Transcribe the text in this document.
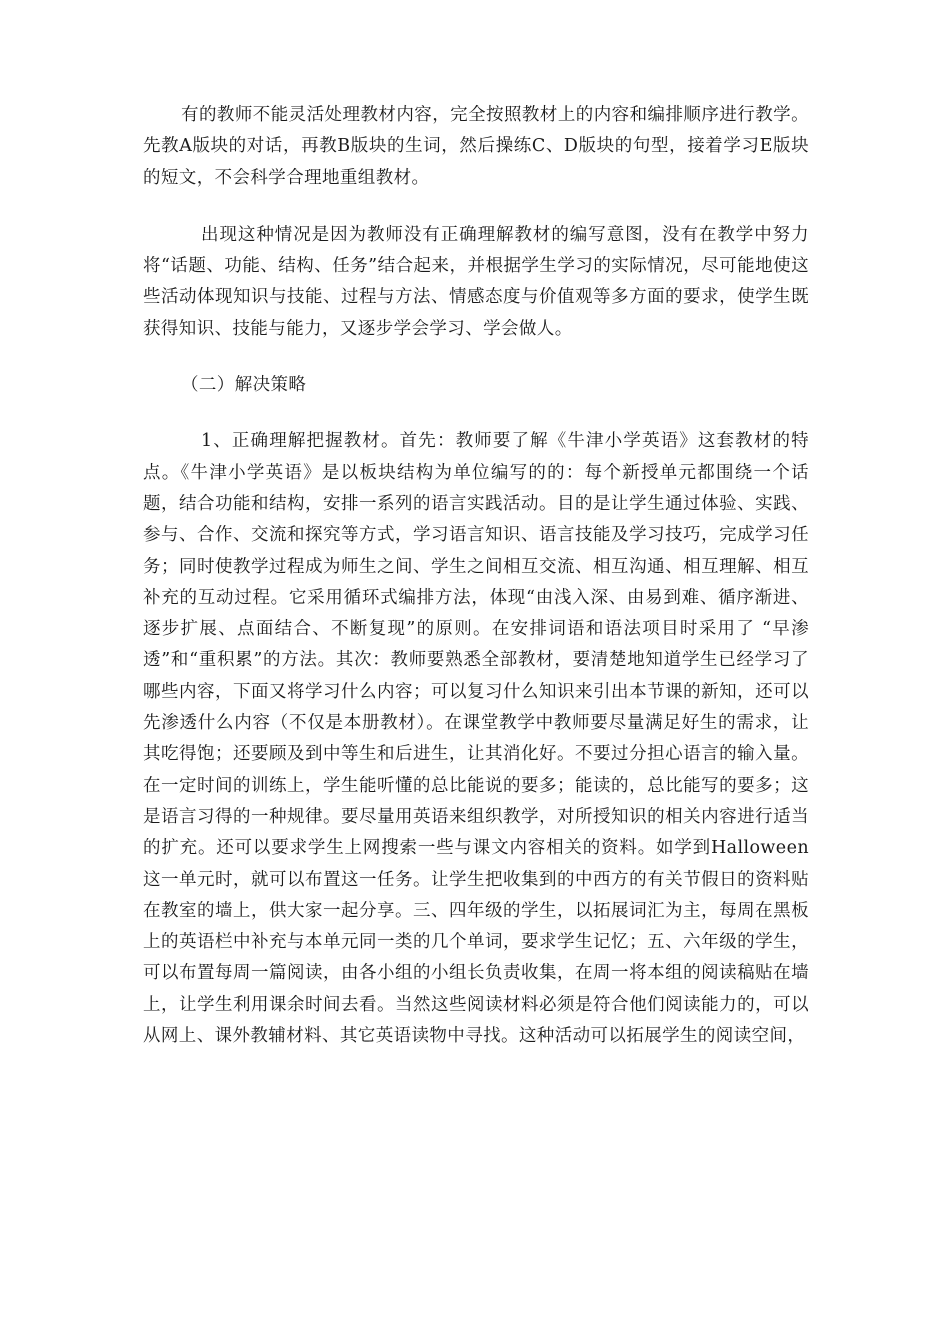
有的教师不能灵活处理教材内容，完全按照教材上的内容和编排顺序进行教学。先教A版块的对话，再教B版块的生词，然后操练C、D版块的句型，接着学习E版块的短文，不会科学合理地重组教材。

出现这种情况是因为教师没有正确理解教材的编写意图，没有在教学中努力将“话题、功能、结构、任务”结合起来，并根据学生学习的实际情况，尽可能地使这些活动体现知识与技能、过程与方法、情感态度与价值观等多方面的要求，使学生既获得知识、技能与能力，又逐步学会学习、学会做人。

（二）解决策略

1、正确理解把握教材。首先：教师要了解《牛津小学英语》这套教材的特点。《牛津小学英语》是以板块结构为单位编写的的：每个新授单元都围绕一个话题，结合功能和结构，安排一系列的语言实践活动。目的是让学生通过体验、实践、参与、合作、交流和探究等方式，学习语言知识、语言技能及学习技巧，完成学习任务；同时使教学过程成为师生之间、学生之间相互交流、相互沟通、相互理解、相互补充的互动过程。它采用循环式编排方法，体现“由浅入深、由易到难、循序渐进、逐步扩展、点面结合、不断复现”的原则。在安排词语和语法项目时采用了 “早渗透”和“重积累”的方法。其次：教师要熟悉全部教材，要清楚地知道学生已经学习了哪些内容，下面又将学习什么内容；可以复习什么知识来引出本节课的新知，还可以先渗透什么内容（不仅是本册教材）。在课堂教学中教师要尽量满足好生的需求，让其吃得饱；还要顾及到中等生和后进生，让其消化好。不要过分担心语言的输入量。在一定时间的训练上，学生能听懂的总比能说的要多；能读的，总比能写的要多；这是语言习得的一种规律。要尽量用英语来组织教学，对所授知识的相关内容进行适当的扩充。还可以要求学生上网搜索一些与课文内容相关的资料。如学到Halloween这一单元时，就可以布置这一任务。让学生把收集到的中西方的有关节假日的资料贴在教室的墙上，供大家一起分享。三、四年级的学生，以拓展词汇为主，每周在黑板上的英语栏中补充与本单元同一类的几个单词，要求学生记忆；五、六年级的学生，可以布置每周一篇阅读，由各小组的小组长负责收集，在周一将本组的阅读稿贴在墙上，让学生利用课余时间去看。当然这些阅读材料必须是符合他们阅读能力的，可以从网上、课外教辅材料、其它英语读物中寻找。这种活动可以拓展学生的阅读空间，
